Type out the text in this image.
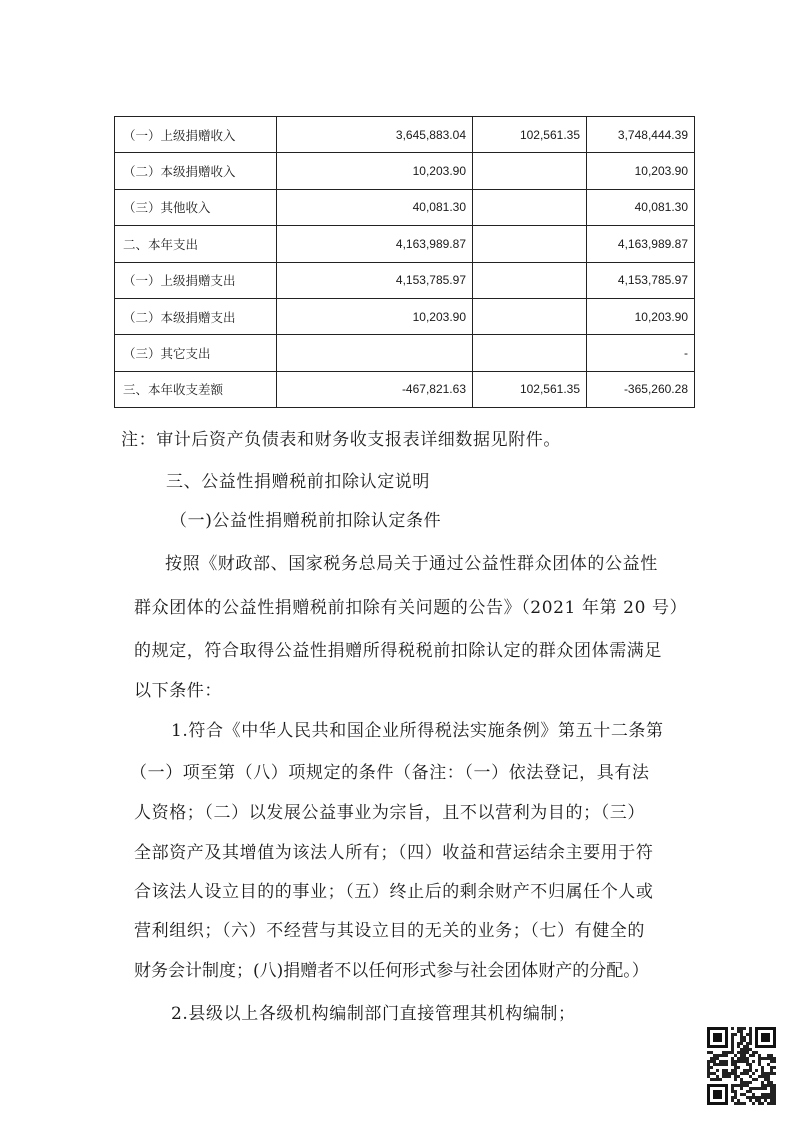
（一）上级捐赠收入	3,645,883.04	102,561.35	3,748,444.39
（二）本级捐赠收入	10,203.90		10,203.90
（三）其他收入	40,081.30		40,081.30
二、本年支出	4,163,989.87		4,163,989.87
（一）上级捐赠支出	4,153,785.97		4,153,785.97
（二）本级捐赠支出	10,203.90		10,203.90
（三）其它支出			-
三、本年收支差额	-467,821.63	102,561.35	-365,260.28
注：审计后资产负债表和财务收支报表详细数据见附件。
三、公益性捐赠税前扣除认定说明
（一)公益性捐赠税前扣除认定条件
按照《财政部、国家税务总局关于通过公益性群众团体的公益性
群众团体的公益性捐赠税前扣除有关问题的公告》（2021 年第 20 号）
的规定，符合取得公益性捐赠所得税税前扣除认定的群众团体需满足
以下条件：
1.符合《中华人民共和国企业所得税法实施条例》第五十二条第
（一）项至第（八）项规定的条件（备注：（一）依法登记，具有法
人资格；（二）以发展公益事业为宗旨，且不以营利为目的；（三）
全部资产及其增值为该法人所有；（四）收益和营运结余主要用于符
合该法人设立目的的事业；（五）终止后的剩余财产不归属任个人或
营利组织；（六）不经营与其设立目的无关的业务；（七）有健全的
财务会计制度；(八)捐赠者不以任何形式参与社会团体财产的分配。）
2.县级以上各级机构编制部门直接管理其机构编制；
